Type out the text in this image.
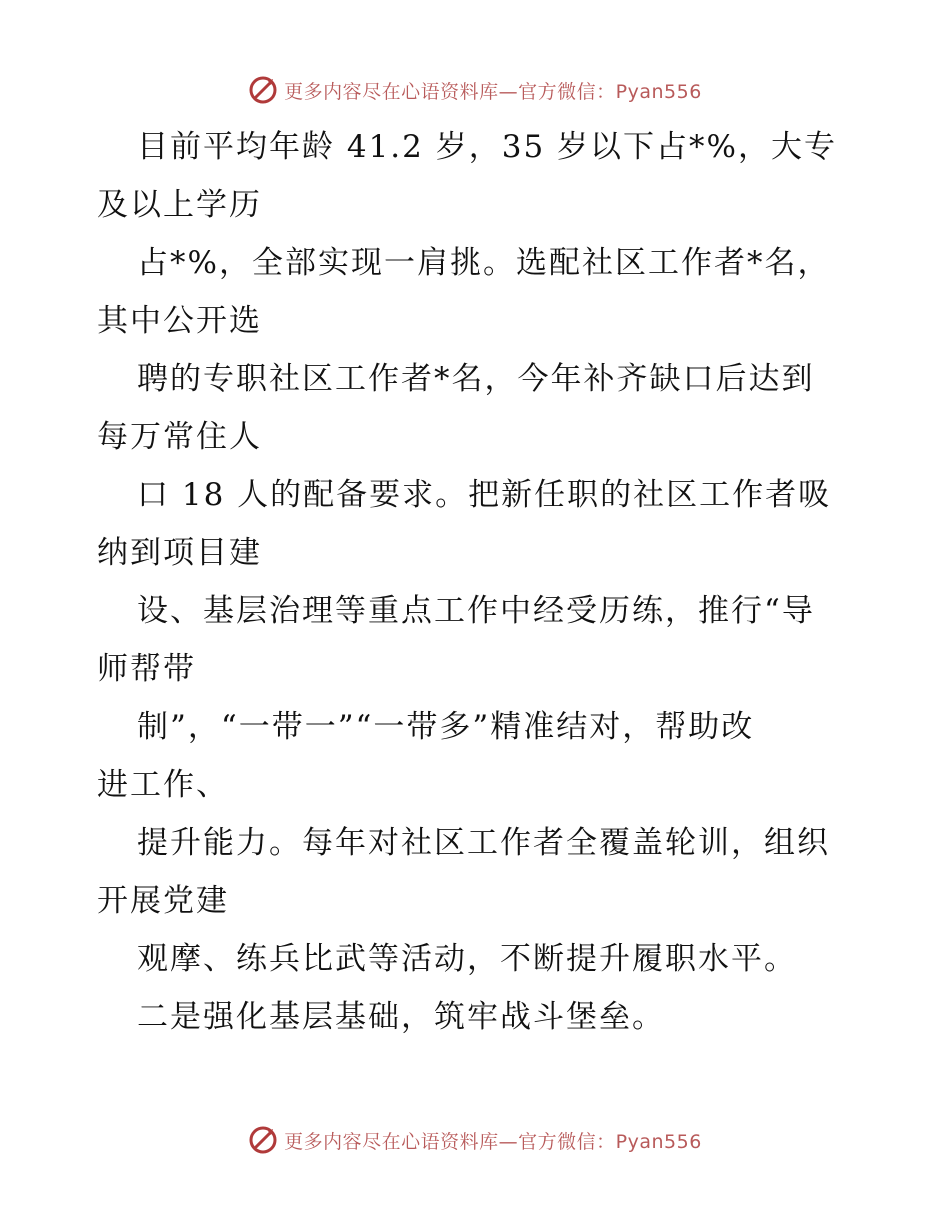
更多内容尽在心语资料库—官方微信：Pyan556

目前平均年龄 41.2 岁，35 岁以下占*%，大专
及以上学历

占*%，全部实现一肩挑。选配社区工作者*名，
其中公开选

聘的专职社区工作者*名，今年补齐缺口后达到
每万常住人

口 18 人的配备要求。把新任职的社区工作者吸
纳到项目建

设、基层治理等重点工作中经受历练，推行“导
师帮带

制”，“一带一”“一带多”精准结对，帮助改
进工作、

提升能力。每年对社区工作者全覆盖轮训，组织
开展党建

观摩、练兵比武等活动，不断提升履职水平。

二是强化基层基础，筑牢战斗堡垒。

更多内容尽在心语资料库—官方微信：Pyan556
